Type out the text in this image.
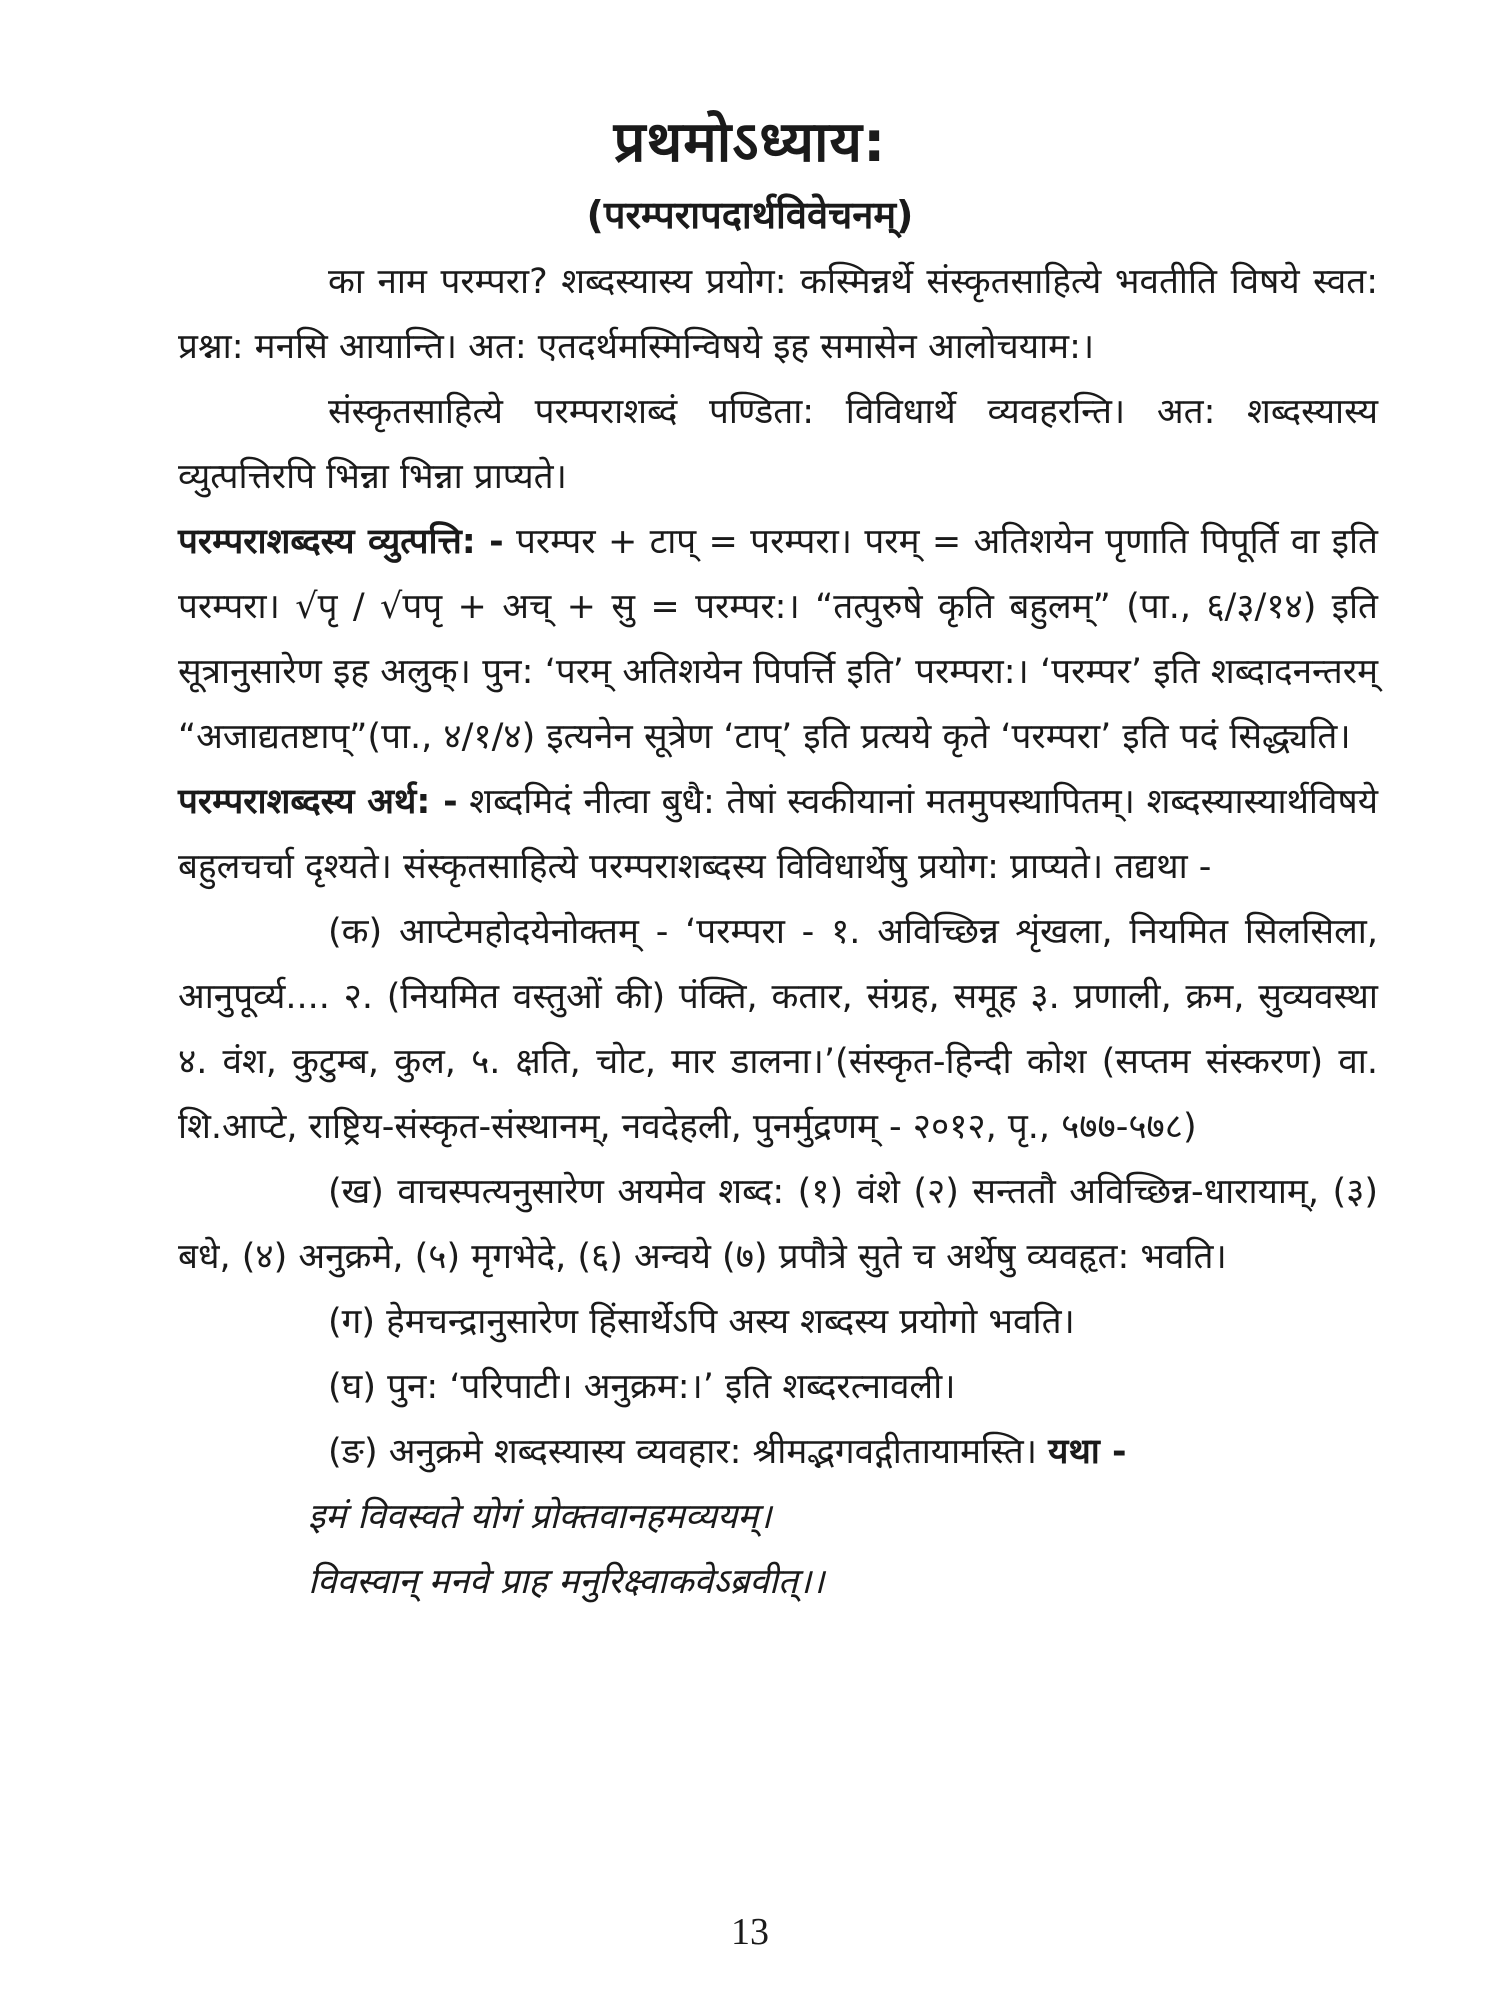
प्रथमोऽध्याय:
(परम्परापदार्थविवेचनम्)

का नाम परम्परा? शब्दस्यास्य प्रयोग: कस्मिन्नर्थे संस्कृतसाहित्ये भवतीति विषये स्वत: प्रश्ना: मनसि आयान्ति। अत: एतदर्थमस्मिन्विषये इह समासेन आलोचयाम:।

संस्कृतसाहित्ये परम्पराशब्दं पण्डिता: विविधार्थे व्यवहरन्ति। अत: शब्दस्यास्य व्युत्पत्तिरपि भिन्ना भिन्ना प्राप्यते।

परम्पराशब्दस्य व्युत्पत्ति: - परम्पर + टाप् = परम्परा। परम् = अतिशयेन पृणाति पिपूर्ति वा इति परम्परा। √पृ / √पपृ + अच् + सु = परम्पर:। “तत्पुरुषे कृति बहुलम्” (पा., ६/३/१४) इति सूत्रानुसारेण इह अलुक्। पुन: ‘परम् अतिशयेन पिपर्त्ति इति’ परम्परा:। ‘परम्पर’ इति शब्दादनन्तरम् “अजाद्यतष्टाप्”(पा., ४/१/४) इत्यनेन सूत्रेण ‘टाप्’ इति प्रत्यये कृते ‘परम्परा’ इति पदं सिद्ध्यति।

परम्पराशब्दस्य अर्थ: - शब्दमिदं नीत्वा बुधै: तेषां स्वकीयानां मतमुपस्थापितम्। शब्दस्यास्यार्थविषये बहुलचर्चा दृश्यते। संस्कृतसाहित्ये परम्पराशब्दस्य विविधार्थेषु प्रयोग: प्राप्यते। तद्यथा -

(क) आप्टेमहोदयेनोक्तम् - ‘परम्परा - १. अविच्छिन्न शृंखला, नियमित सिलसिला, आनुपूर्व्य.... २. (नियमित वस्तुओं की) पंक्ति, कतार, संग्रह, समूह ३. प्रणाली, क्रम, सुव्यवस्था ४. वंश, कुटुम्ब, कुल, ५. क्षति, चोट, मार डालना।’(संस्कृत-हिन्दी कोश (सप्तम संस्करण) वा. शि.आप्टे, राष्ट्रिय-संस्कृत-संस्थानम्, नवदेहली, पुनर्मुद्रणम् - २०१२, पृ., ५७७-५७८)

(ख) वाचस्पत्यनुसारेण अयमेव शब्द: (१) वंशे (२) सन्ततौ अविच्छिन्न-धारायाम्, (३) बधे, (४) अनुक्रमे, (५) मृगभेदे, (६) अन्वये (७) प्रपौत्रे सुते च अर्थेषु व्यवहृत: भवति।

(ग) हेमचन्द्रानुसारेण हिंसार्थेऽपि अस्य शब्दस्य प्रयोगो भवति।

(घ) पुन: ‘परिपाटी। अनुक्रम:।’ इति शब्दरत्नावली।

(ङ) अनुक्रमे शब्दस्यास्य व्यवहार: श्रीमद्भगवद्गीतायामस्ति। यथा -

इमं विवस्वते योगं प्रोक्तवानहमव्ययम्।

विवस्वान् मनवे प्राह मनुरिक्ष्वाकवेऽब्रवीत्।।

13
